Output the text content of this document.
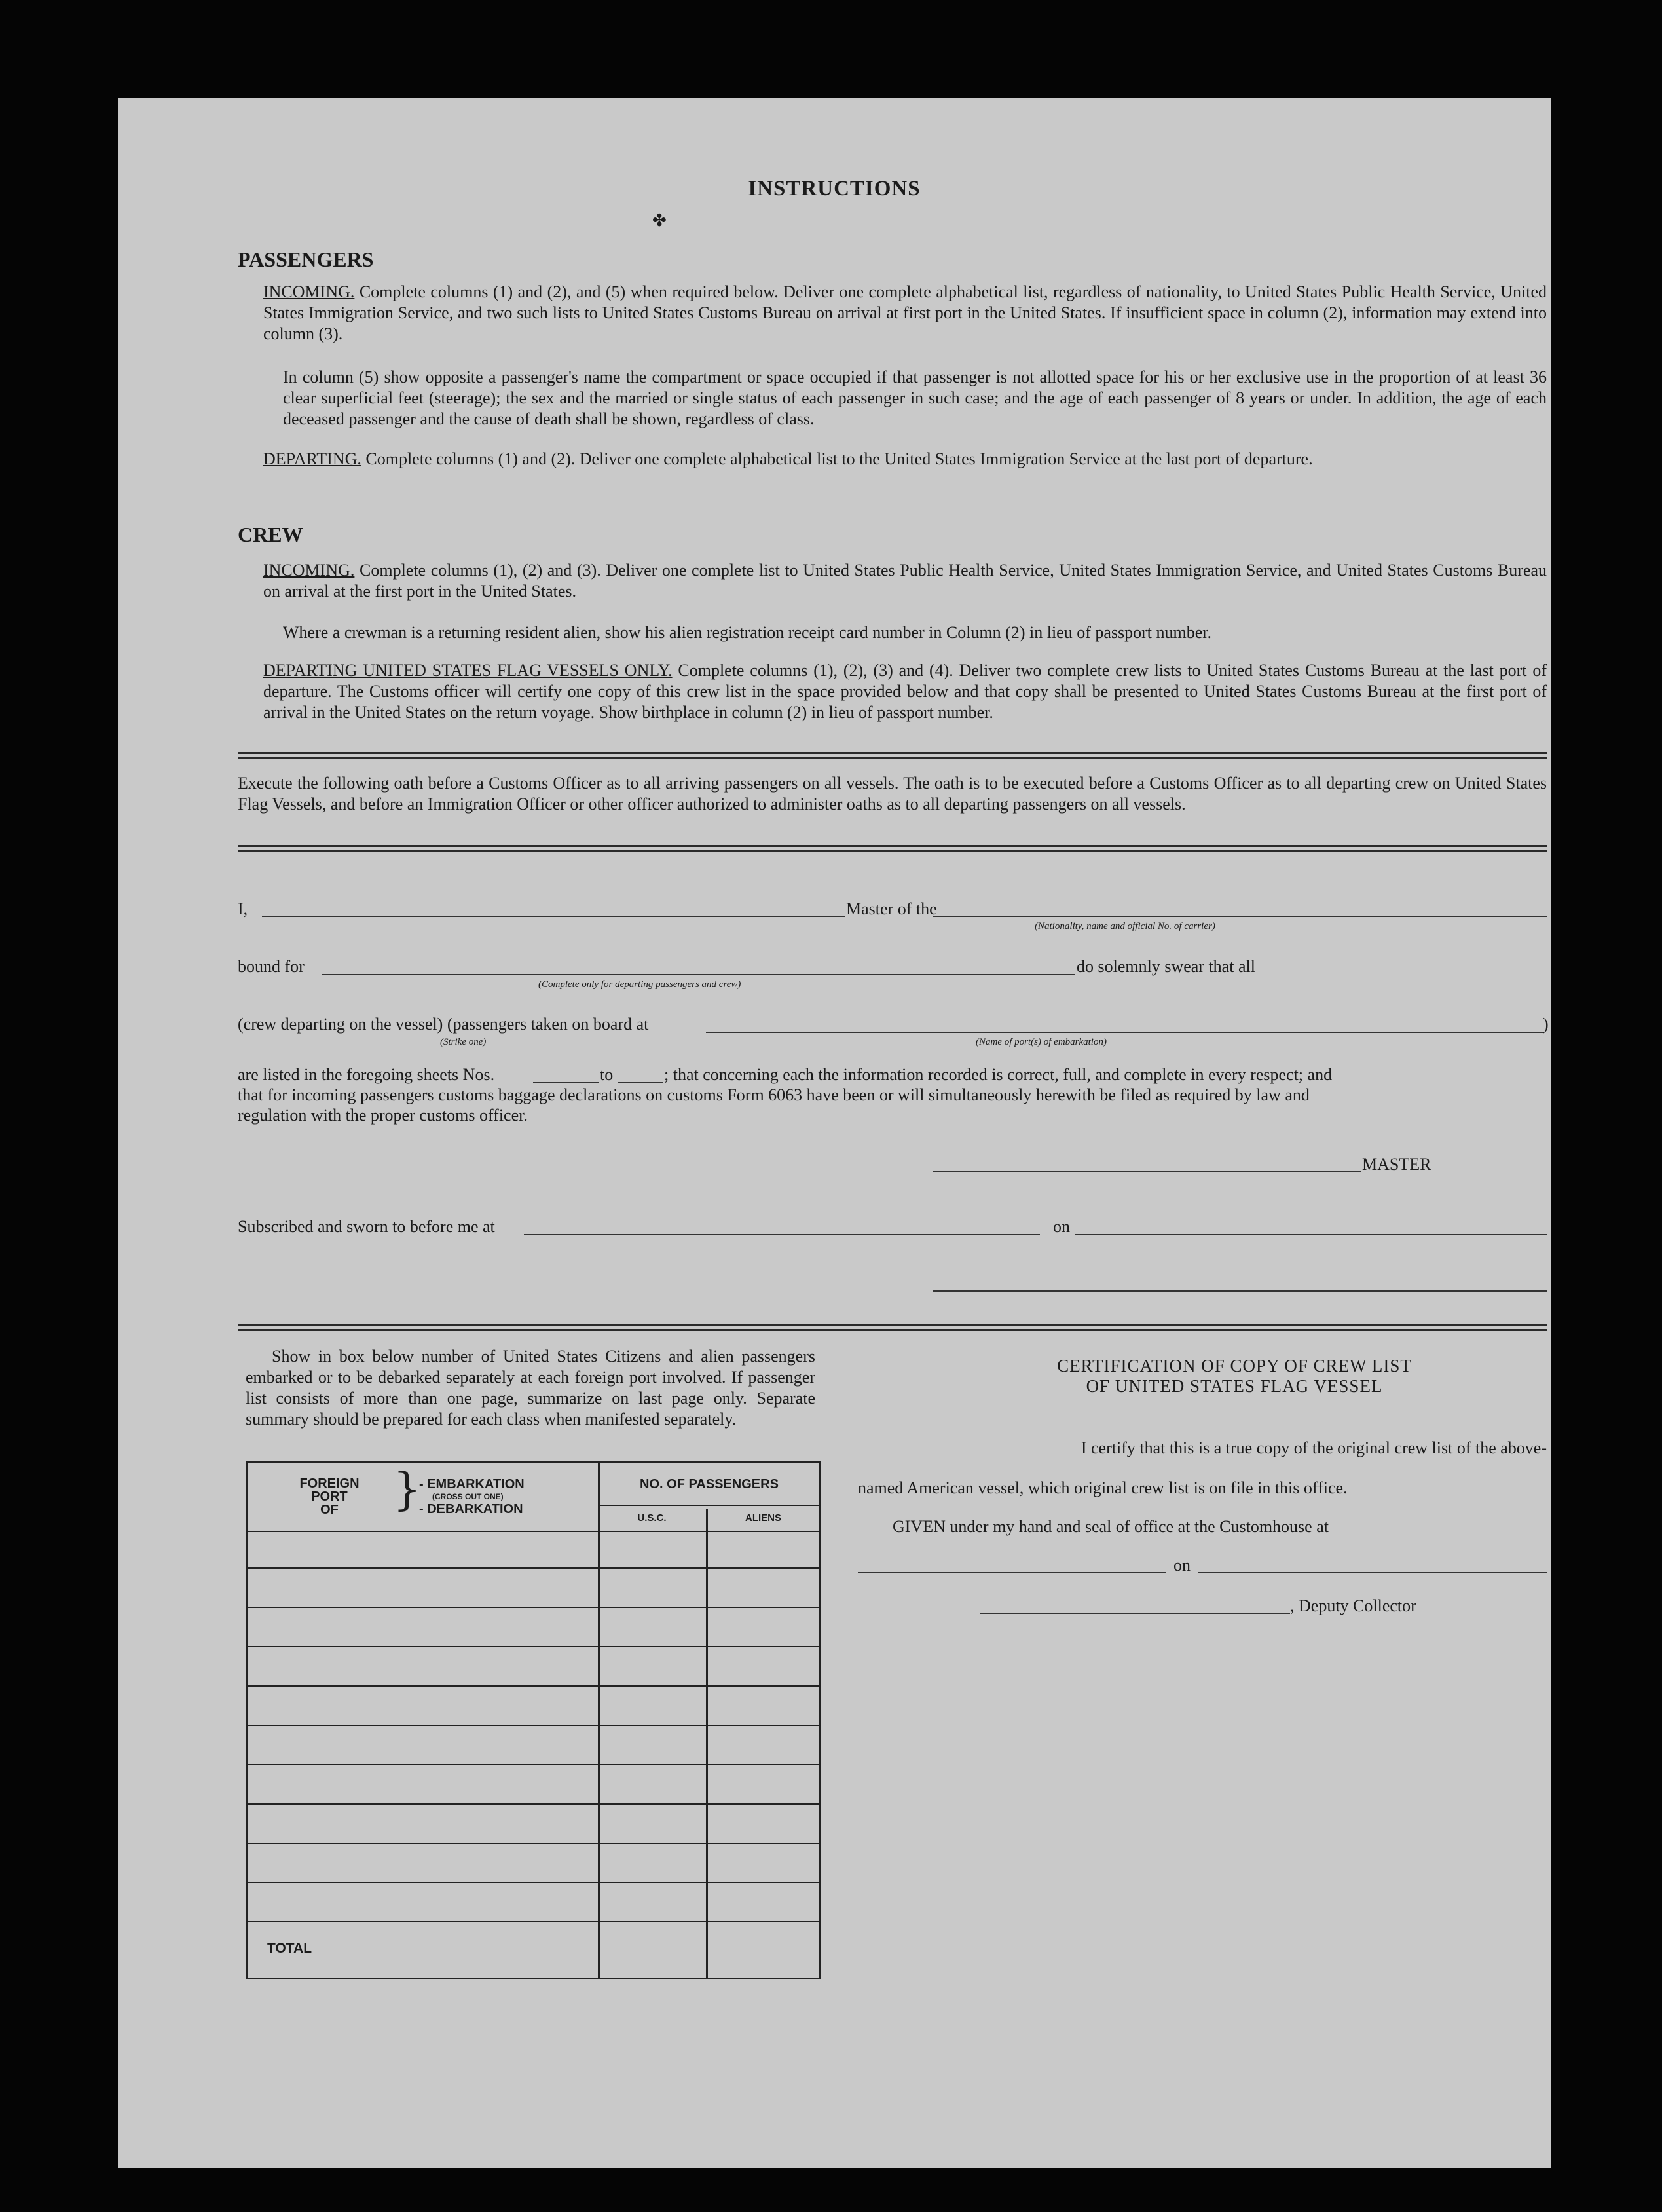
INSTRUCTIONS
✤
PASSENGERS
INCOMING. Complete columns (1) and (2), and (5) when required below. Deliver one complete alphabetical list, regardless of nationality, to United States Public Health Service, United States Immigration Service, and two such lists to United States Customs Bureau on arrival at first port in the United States. If insufficient space in column (2), information may extend into column (3).
In column (5) show opposite a passenger's name the compartment or space occupied if that passenger is not allotted space for his or her exclusive use in the proportion of at least 36 clear superficial feet (steerage); the sex and the married or single status of each passenger in such case; and the age of each passenger of 8 years or under. In addition, the age of each deceased passenger and the cause of death shall be shown, regardless of class.
DEPARTING. Complete columns (1) and (2). Deliver one complete alphabetical list to the United States Immigration Service at the last port of departure.
CREW
INCOMING. Complete columns (1), (2) and (3). Deliver one complete list to United States Public Health Service, United States Immigration Service, and United States Customs Bureau on arrival at the first port in the United States.
Where a crewman is a returning resident alien, show his alien registration receipt card number in Column (2) in lieu of passport number.
DEPARTING UNITED STATES FLAG VESSELS ONLY. Complete columns (1), (2), (3) and (4). Deliver two complete crew lists to United States Customs Bureau at the last port of departure. The Customs officer will certify one copy of this crew list in the space provided below and that copy shall be presented to United States Customs Bureau at the first port of arrival in the United States on the return voyage. Show birthplace in column (2) in lieu of passport number.
Execute the following oath before a Customs Officer as to all arriving passengers on all vessels. The oath is to be executed before a Customs Officer as to all departing crew on United States Flag Vessels, and before an Immigration Officer or other officer authorized to administer oaths as to all departing passengers on all vessels.
I,	Master of the
(Nationality, name and official No. of carrier)
bound for
(Complete only for departing passengers and crew)
do solemnly swear that all
(crew departing on the vessel) (passengers taken on board at	)
(Strike one)	(Name of port(s) of embarkation)
are listed in the foregoing sheets Nos.	to	; that concerning each the information recorded is correct, full, and complete in every respect; and
that for incoming passengers customs baggage declarations on customs Form 6063 have been or will simultaneously herewith be filed as required by law and
regulation with the proper customs officer.
MASTER
Subscribed and sworn to before me at	on
Show in box below number of United States Citizens and alien passengers embarked or to be debarked separately at each foreign port involved. If passenger list consists of more than one page, summarize on last page only. Separate summary should be prepared for each class when manifested separately.
FOREIGN
PORT
OF	}
- EMBARKATION
(CROSS OUT ONE)
- DEBARKATION
NO. OF PASSENGERS
U.S.C.	ALIENS
TOTAL
CERTIFICATION OF COPY OF CREW LIST
OF UNITED STATES FLAG VESSEL
I certify that this is a true copy of the original crew list of the above-
named American vessel, which original crew list is on file in this office.
GIVEN under my hand and seal of office at the Customhouse at
on
, Deputy Collector
